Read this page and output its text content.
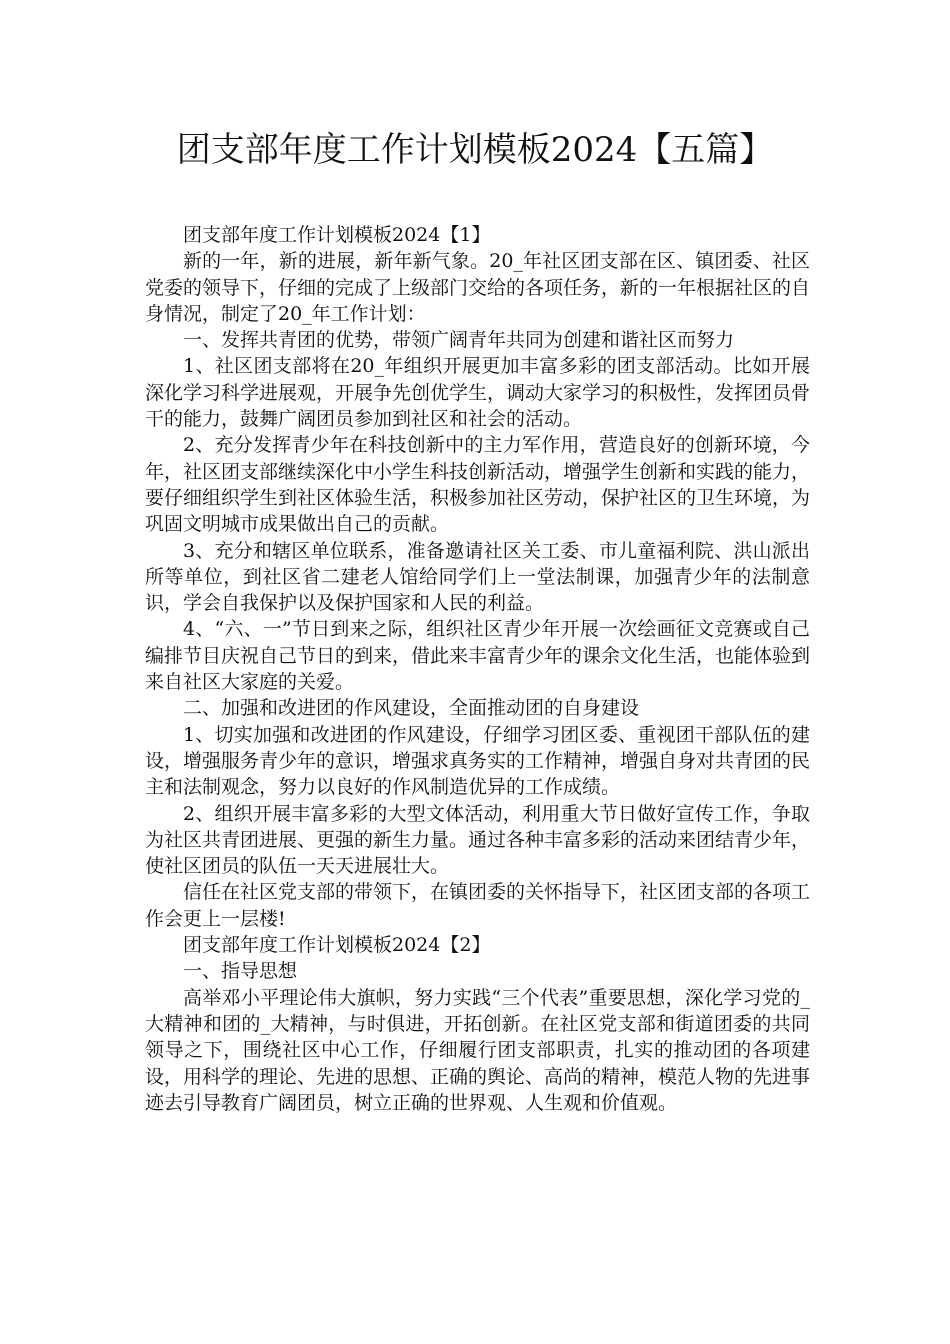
团支部年度工作计划模板2024【五篇】

团支部年度工作计划模板2024【1】

新的一年，新的进展，新年新气象。20_年社区团支部在区、镇团委、社区党委的领导下，仔细的完成了上级部门交给的各项任务，新的一年根据社区的自身情况，制定了20_年工作计划：

一、发挥共青团的优势，带领广阔青年共同为创建和谐社区而努力

1、社区团支部将在20_年组织开展更加丰富多彩的团支部活动。比如开展深化学习科学进展观，开展争先创优学生，调动大家学习的积极性，发挥团员骨干的能力，鼓舞广阔团员参加到社区和社会的活动。

2、充分发挥青少年在科技创新中的主力军作用，营造良好的创新环境，今年，社区团支部继续深化中小学生科技创新活动，增强学生创新和实践的能力，要仔细组织学生到社区体验生活，积极参加社区劳动，保护社区的卫生环境，为巩固文明城市成果做出自己的贡献。

3、充分和辖区单位联系，准备邀请社区关工委、市儿童福利院、洪山派出所等单位，到社区省二建老人馆给同学们上一堂法制课，加强青少年的法制意识，学会自我保护以及保护国家和人民的利益。

4、“六、一”节日到来之际，组织社区青少年开展一次绘画征文竞赛或自己编排节目庆祝自己节日的到来，借此来丰富青少年的课余文化生活，也能体验到来自社区大家庭的关爱。

二、加强和改进团的作风建设，全面推动团的自身建设

1、切实加强和改进团的作风建设，仔细学习团区委、重视团干部队伍的建设，增强服务青少年的意识，增强求真务实的工作精神，增强自身对共青团的民主和法制观念，努力以良好的作风制造优异的工作成绩。

2、组织开展丰富多彩的大型文体活动，利用重大节日做好宣传工作，争取为社区共青团进展、更强的新生力量。通过各种丰富多彩的活动来团结青少年，使社区团员的队伍一天天进展壮大。

信任在社区党支部的带领下，在镇团委的关怀指导下，社区团支部的各项工作会更上一层楼!

团支部年度工作计划模板2024【2】

一、指导思想

高举邓小平理论伟大旗帜，努力实践“三个代表”重要思想，深化学习党的_大精神和团的_大精神，与时俱进，开拓创新。在社区党支部和街道团委的共同领导之下，围绕社区中心工作，仔细履行团支部职责，扎实的推动团的各项建设，用科学的理论、先进的思想、正确的舆论、高尚的精神，模范人物的先进事迹去引导教育广阔团员，树立正确的世界观、人生观和价值观。
